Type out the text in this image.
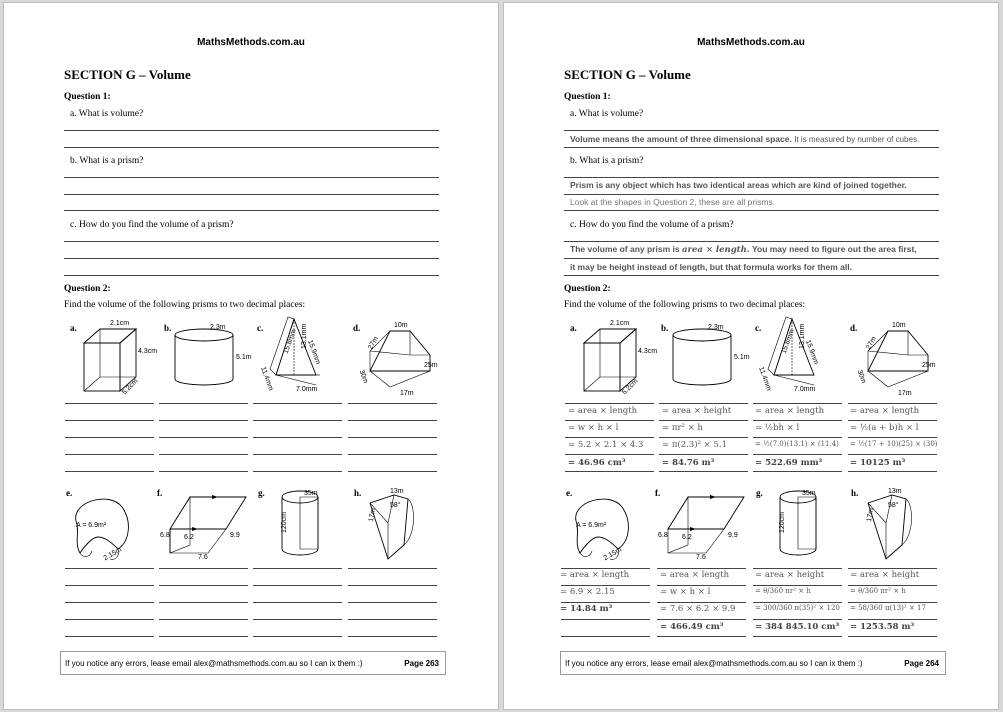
MathsMethods.com.au
SECTION G – Volume
Question 1:
a. What is volume?
b. What is a prism?
c. How do you find the volume of a prism?
Question 2:
Find the volume of the following prisms to two decimal places:
a.	b.	c.	d.
2.1cm
4.3cm
5.2cm
2.3m
5.1m
15.8mm 13.1mm
15.9mm
11.4mm	7.0mm
10m
27m
25m
30m
17m
e.	f.	g.	h.
A = 6.9m²
2.15m
6.8 6.2
7.6
9.9
35m
120cm
13m
17m
58°
If you notice any errors, lease email alex@mathsmethods.com.au so I can ix them :)	Page 263
MathsMethods.com.au
SECTION G – Volume
Question 1:
a. What is volume?
Volume means the amount of three dimensional space. It is measured by number of cubes.
b. What is a prism?
Prism is any object which has two identical areas which are kind of joined together.
Look at the shapes in Question 2, these are all prisms.
c. How do you find the volume of a prism?
The volume of any prism is area × length. You may need to figure out the area first,
it may be height instead of length, but that formula works for them all.
Question 2:
Find the volume of the following prisms to two decimal places:
a.	b.	c.	d.
2.1cm
4.3cm
5.2cm
2.3m
5.1m
15.8mm 13.1mm
15.9mm
11.4mm	7.0mm
10m
27m
25m
30m
17m
= area × length
= w × h × l
= 5.2 × 2.1 × 4.3
= 46.96 cm³
= area × height
= πr² × h
= π(2.3)² × 5.1
= 84.76 m³
= area × length
= ½bh × l
= ½(7.0)(13.1) × (11.4)
= 522.69 mm³
= area × length
= ½(a + b)h × l
= ½(17 + 10)(25) × (30)
= 10125 m³
e.	f.	g.	h.
A = 6.9m²
2.15m
6.8 6.2
7.6
9.9
35m
120cm
13m
17m
58°
= area × length
= 6.9 × 2.15
= 14.84 m³
= area × length
= w × h × l
= 7.6 × 6.2 × 9.9
= 466.49 cm³
= area × height
= θ/360 πr² × h
= 300/360 π(35)² × 120
= 384 845.10 cm³
= area × height
= θ/360 πr² × h
= 58/360 π(13)² × 17
= 1253.58 m³
If you notice any errors, lease email alex@mathsmethods.com.au so I can ix them :)	Page 264
